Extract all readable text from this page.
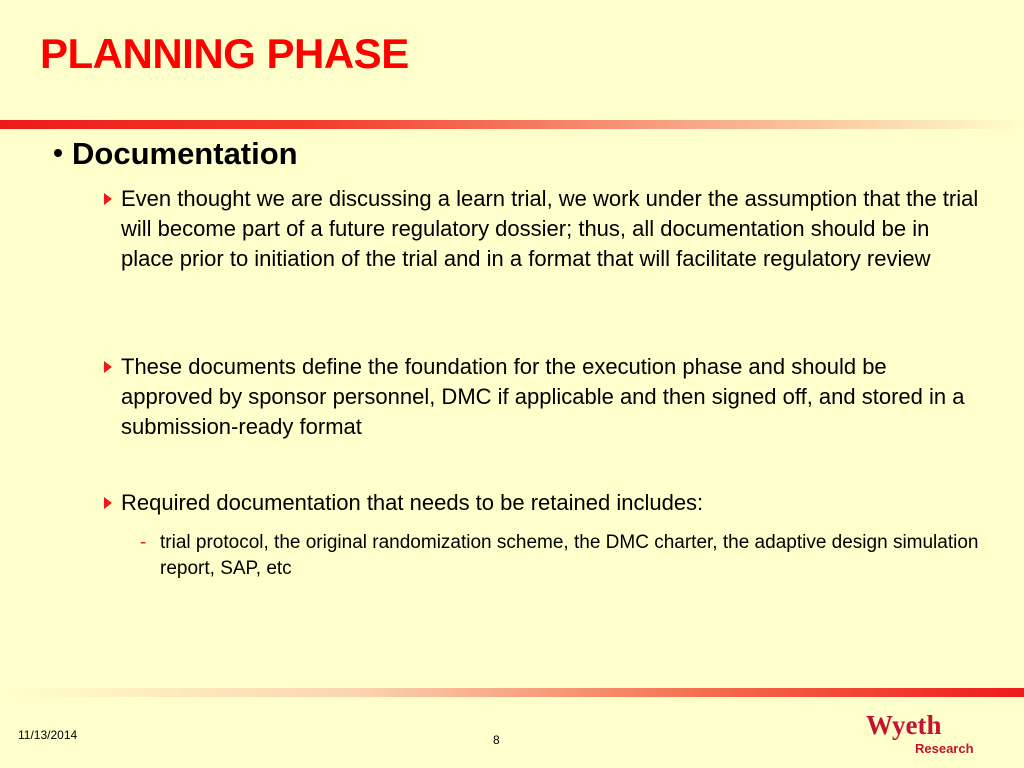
PLANNING PHASE
Documentation
Even thought we are discussing a learn trial, we work under the assumption that the trial will become part of a future regulatory dossier; thus, all documentation should be in place prior to initiation of the trial and in a format that will facilitate regulatory review
These documents define the foundation for the execution phase and should be approved by sponsor personnel, DMC if applicable and then signed off, and stored in a submission-ready format
Required documentation that needs to be retained includes:
- trial protocol, the original randomization scheme, the DMC charter, the adaptive design simulation report, SAP, etc
11/13/2014	8	Wyeth
Research
